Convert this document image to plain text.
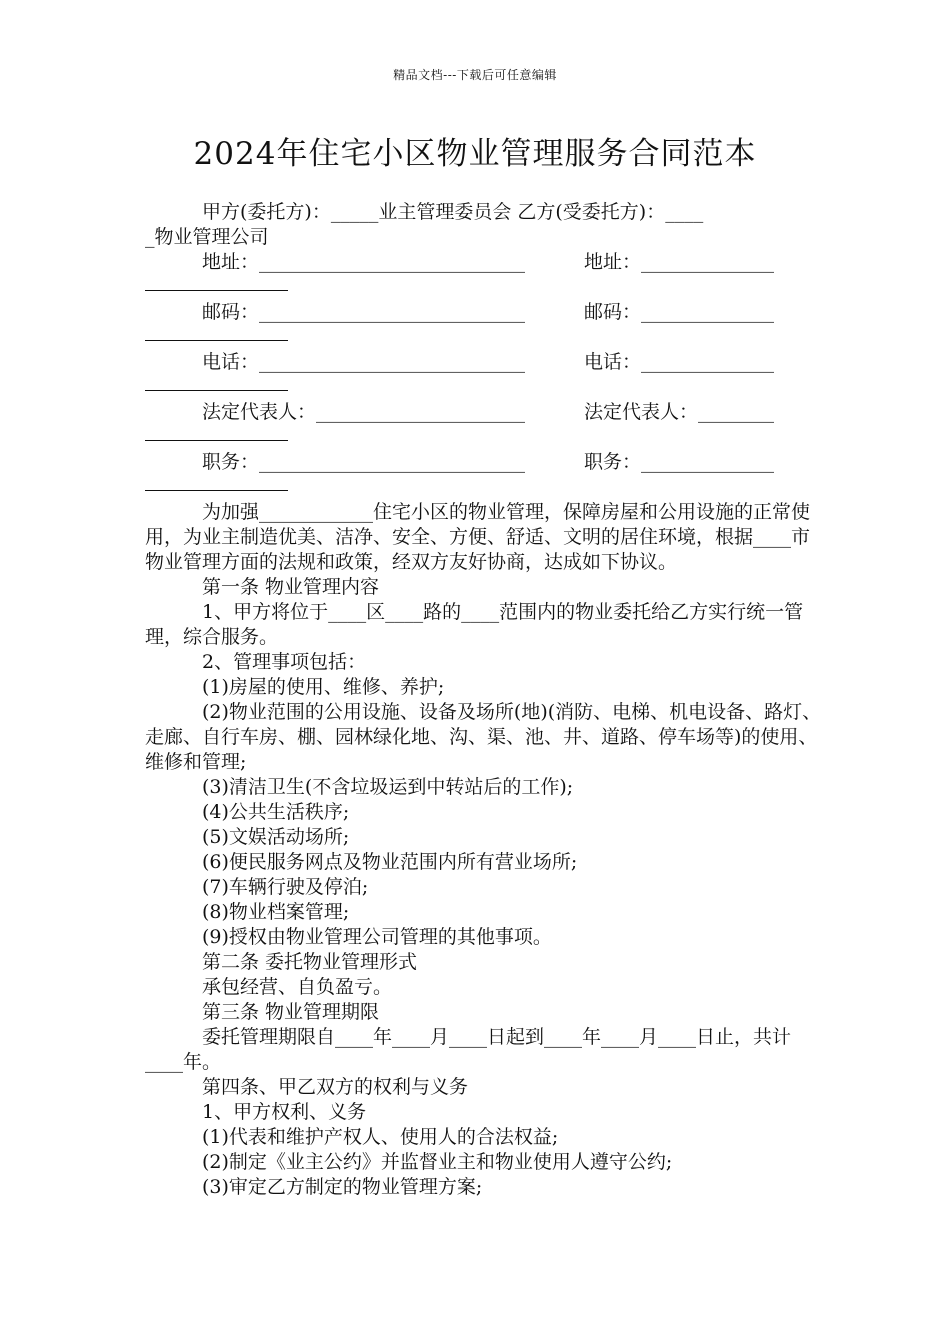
精品文档---下载后可任意编辑
2024年住宅小区物业管理服务合同范本

甲方(委托方)：_____业主管理委员会 乙方(受委托方)：____

_物业管理公司

地址：____________________________	地址：______________
邮码：____________________________	邮码：______________
电话：____________________________	电话：______________
法定代表人：______________________	法定代表人：________
职务：____________________________	职务：______________

为加强____________住宅小区的物业管理，保障房屋和公用设施的正常使用，为业主制造优美、洁净、安全、方便、舒适、文明的居住环境，根据____市物业管理方面的法规和政策，经双方友好协商，达成如下协议。

第一条 物业管理内容

1、甲方将位于____区____路的____范围内的物业委托给乙方实行统一管理，综合服务。

2、管理事项包括：

(1)房屋的使用、维修、养护;

(2)物业范围的公用设施、设备及场所(地)(消防、电梯、机电设备、路灯、走廊、自行车房、棚、园林绿化地、沟、渠、池、井、道路、停车场等)的使用、维修和管理;

(3)清洁卫生(不含垃圾运到中转站后的工作);

(4)公共生活秩序;

(5)文娱活动场所;

(6)便民服务网点及物业范围内所有营业场所;

(7)车辆行驶及停泊;

(8)物业档案管理;

(9)授权由物业管理公司管理的其他事项。

第二条 委托物业管理形式

承包经营、自负盈亏。

第三条 物业管理期限

委托管理期限自____年____月____日起到____年____月____日止，共计____年。

第四条、甲乙双方的权利与义务

1、甲方权利、义务

(1)代表和维护产权人、使用人的合法权益;

(2)制定《业主公约》并监督业主和物业使用人遵守公约;

(3)审定乙方制定的物业管理方案;
